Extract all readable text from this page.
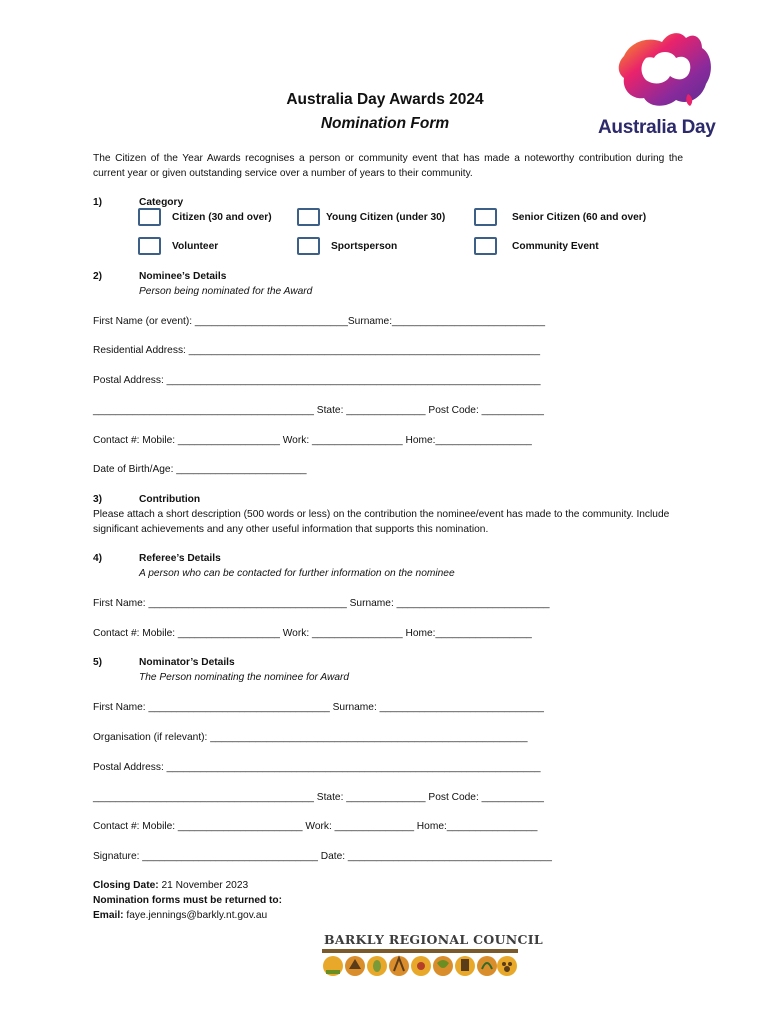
Australia Day
Australia Day Awards 2024
Nomination Form
The Citizen of the Year Awards recognises a person or community event that has made a noteworthy contribution during the current year or given outstanding service over a number of years to their community.
1)	Category
Citizen (30 and over)	Young Citizen (under 30)	Senior Citizen (60 and over)
Volunteer	Sportsperson	Community Event
2)	Nominee’s Details
Person being nominated for the Award
First Name (or event): ___________________________Surname:___________________________
Residential Address: ______________________________________________________________
Postal Address: __________________________________________________________________
_______________________________________ State: ______________ Post Code: ___________
Contact #: Mobile: __________________ Work: ________________ Home:_________________
Date of Birth/Age: _______________________
3)	Contribution
Please attach a short description (500 words or less) on the contribution the nominee/event has made to the community. Include significant achievements and any other useful information that supports this nomination.
4)	Referee’s Details
A person who can be contacted for further information on the nominee
First Name: ___________________________________ Surname: ___________________________
Contact #: Mobile: __________________ Work: ________________ Home:_________________
5)	Nominator’s Details
The Person nominating the nominee for Award
First Name: ________________________________ Surname: _____________________________
Organisation (if relevant): ________________________________________________________
Postal Address: __________________________________________________________________
_______________________________________ State: ______________ Post Code: ___________
Contact #: Mobile: ______________________ Work: ______________ Home:________________
Signature: _______________________________ Date: ____________________________________
Closing Date: 21 November 2023
Nomination forms must be returned to:
Email: faye.jennings@barkly.nt.gov.au
BARKLY REGIONAL COUNCIL
